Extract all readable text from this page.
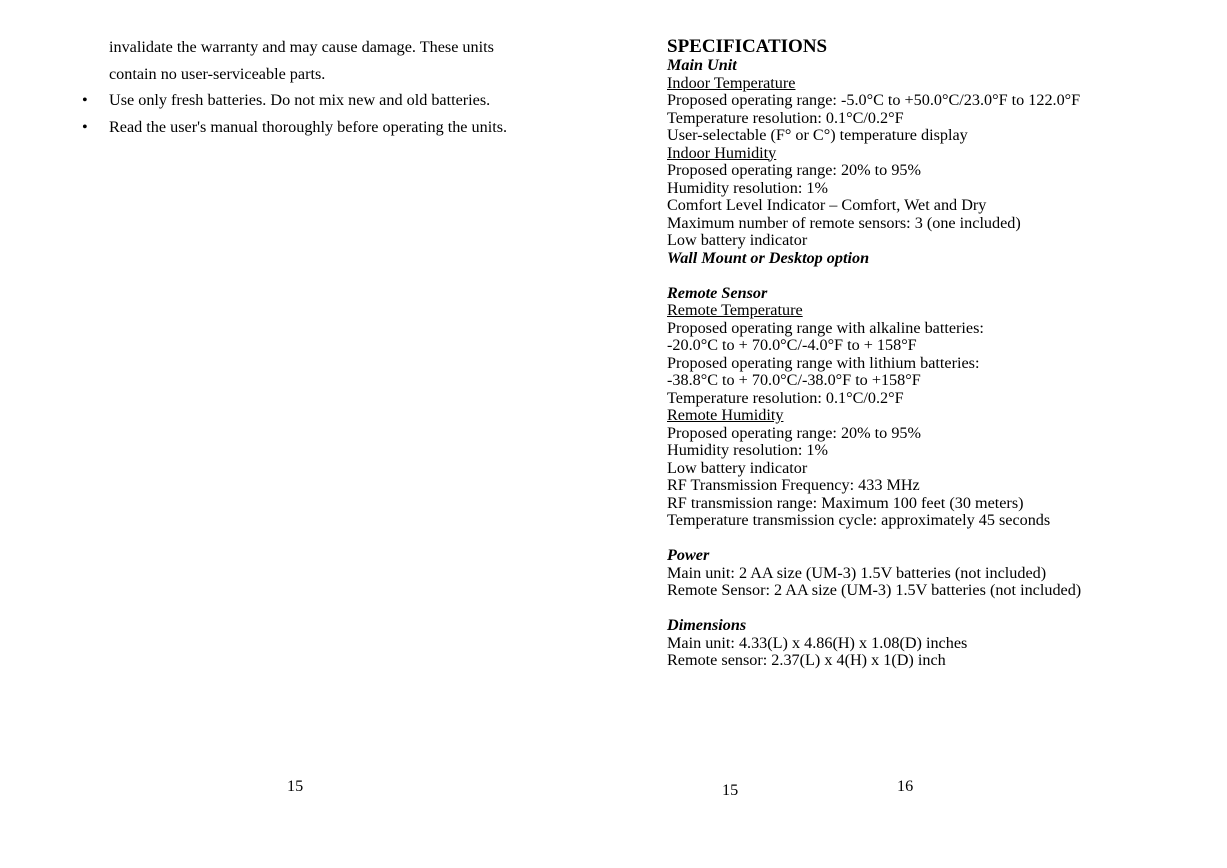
invalidate the warranty and may cause damage. These units

contain no user-serviceable parts.

• Use only fresh batteries. Do not mix new and old batteries.
• Read the user's manual thoroughly before operating the units.
15
SPECIFICATIONS
Main Unit
Indoor Temperature
Proposed operating range: -5.0°C to +50.0°C/23.0°F to 122.0°F
Temperature resolution: 0.1°C/0.2°F
User-selectable (F° or C°) temperature display
Indoor Humidity
Proposed operating range: 20% to 95%
Humidity resolution: 1%
Comfort Level Indicator – Comfort, Wet and Dry
Maximum number of remote sensors: 3 (one included)
Low battery indicator
Wall Mount or Desktop option
Remote Sensor
Remote Temperature
Proposed operating range with alkaline batteries:
-20.0°C to + 70.0°C/-4.0°F to + 158°F
Proposed operating range with lithium batteries:
-38.8°C to + 70.0°C/-38.0°F to +158°F
Temperature resolution: 0.1°C/0.2°F
Remote Humidity
Proposed operating range: 20% to 95%
Humidity resolution: 1%
Low battery indicator
RF Transmission Frequency: 433 MHz
RF transmission range: Maximum 100 feet (30 meters)
Temperature transmission cycle: approximately 45 seconds
Power
Main unit: 2 AA size (UM-3) 1.5V batteries (not included)
Remote Sensor: 2 AA size (UM-3) 1.5V batteries (not included)
Dimensions
Main unit: 4.33(L) x 4.86(H) x 1.08(D) inches
Remote sensor: 2.37(L) x 4(H) x 1(D) inch
15	16
